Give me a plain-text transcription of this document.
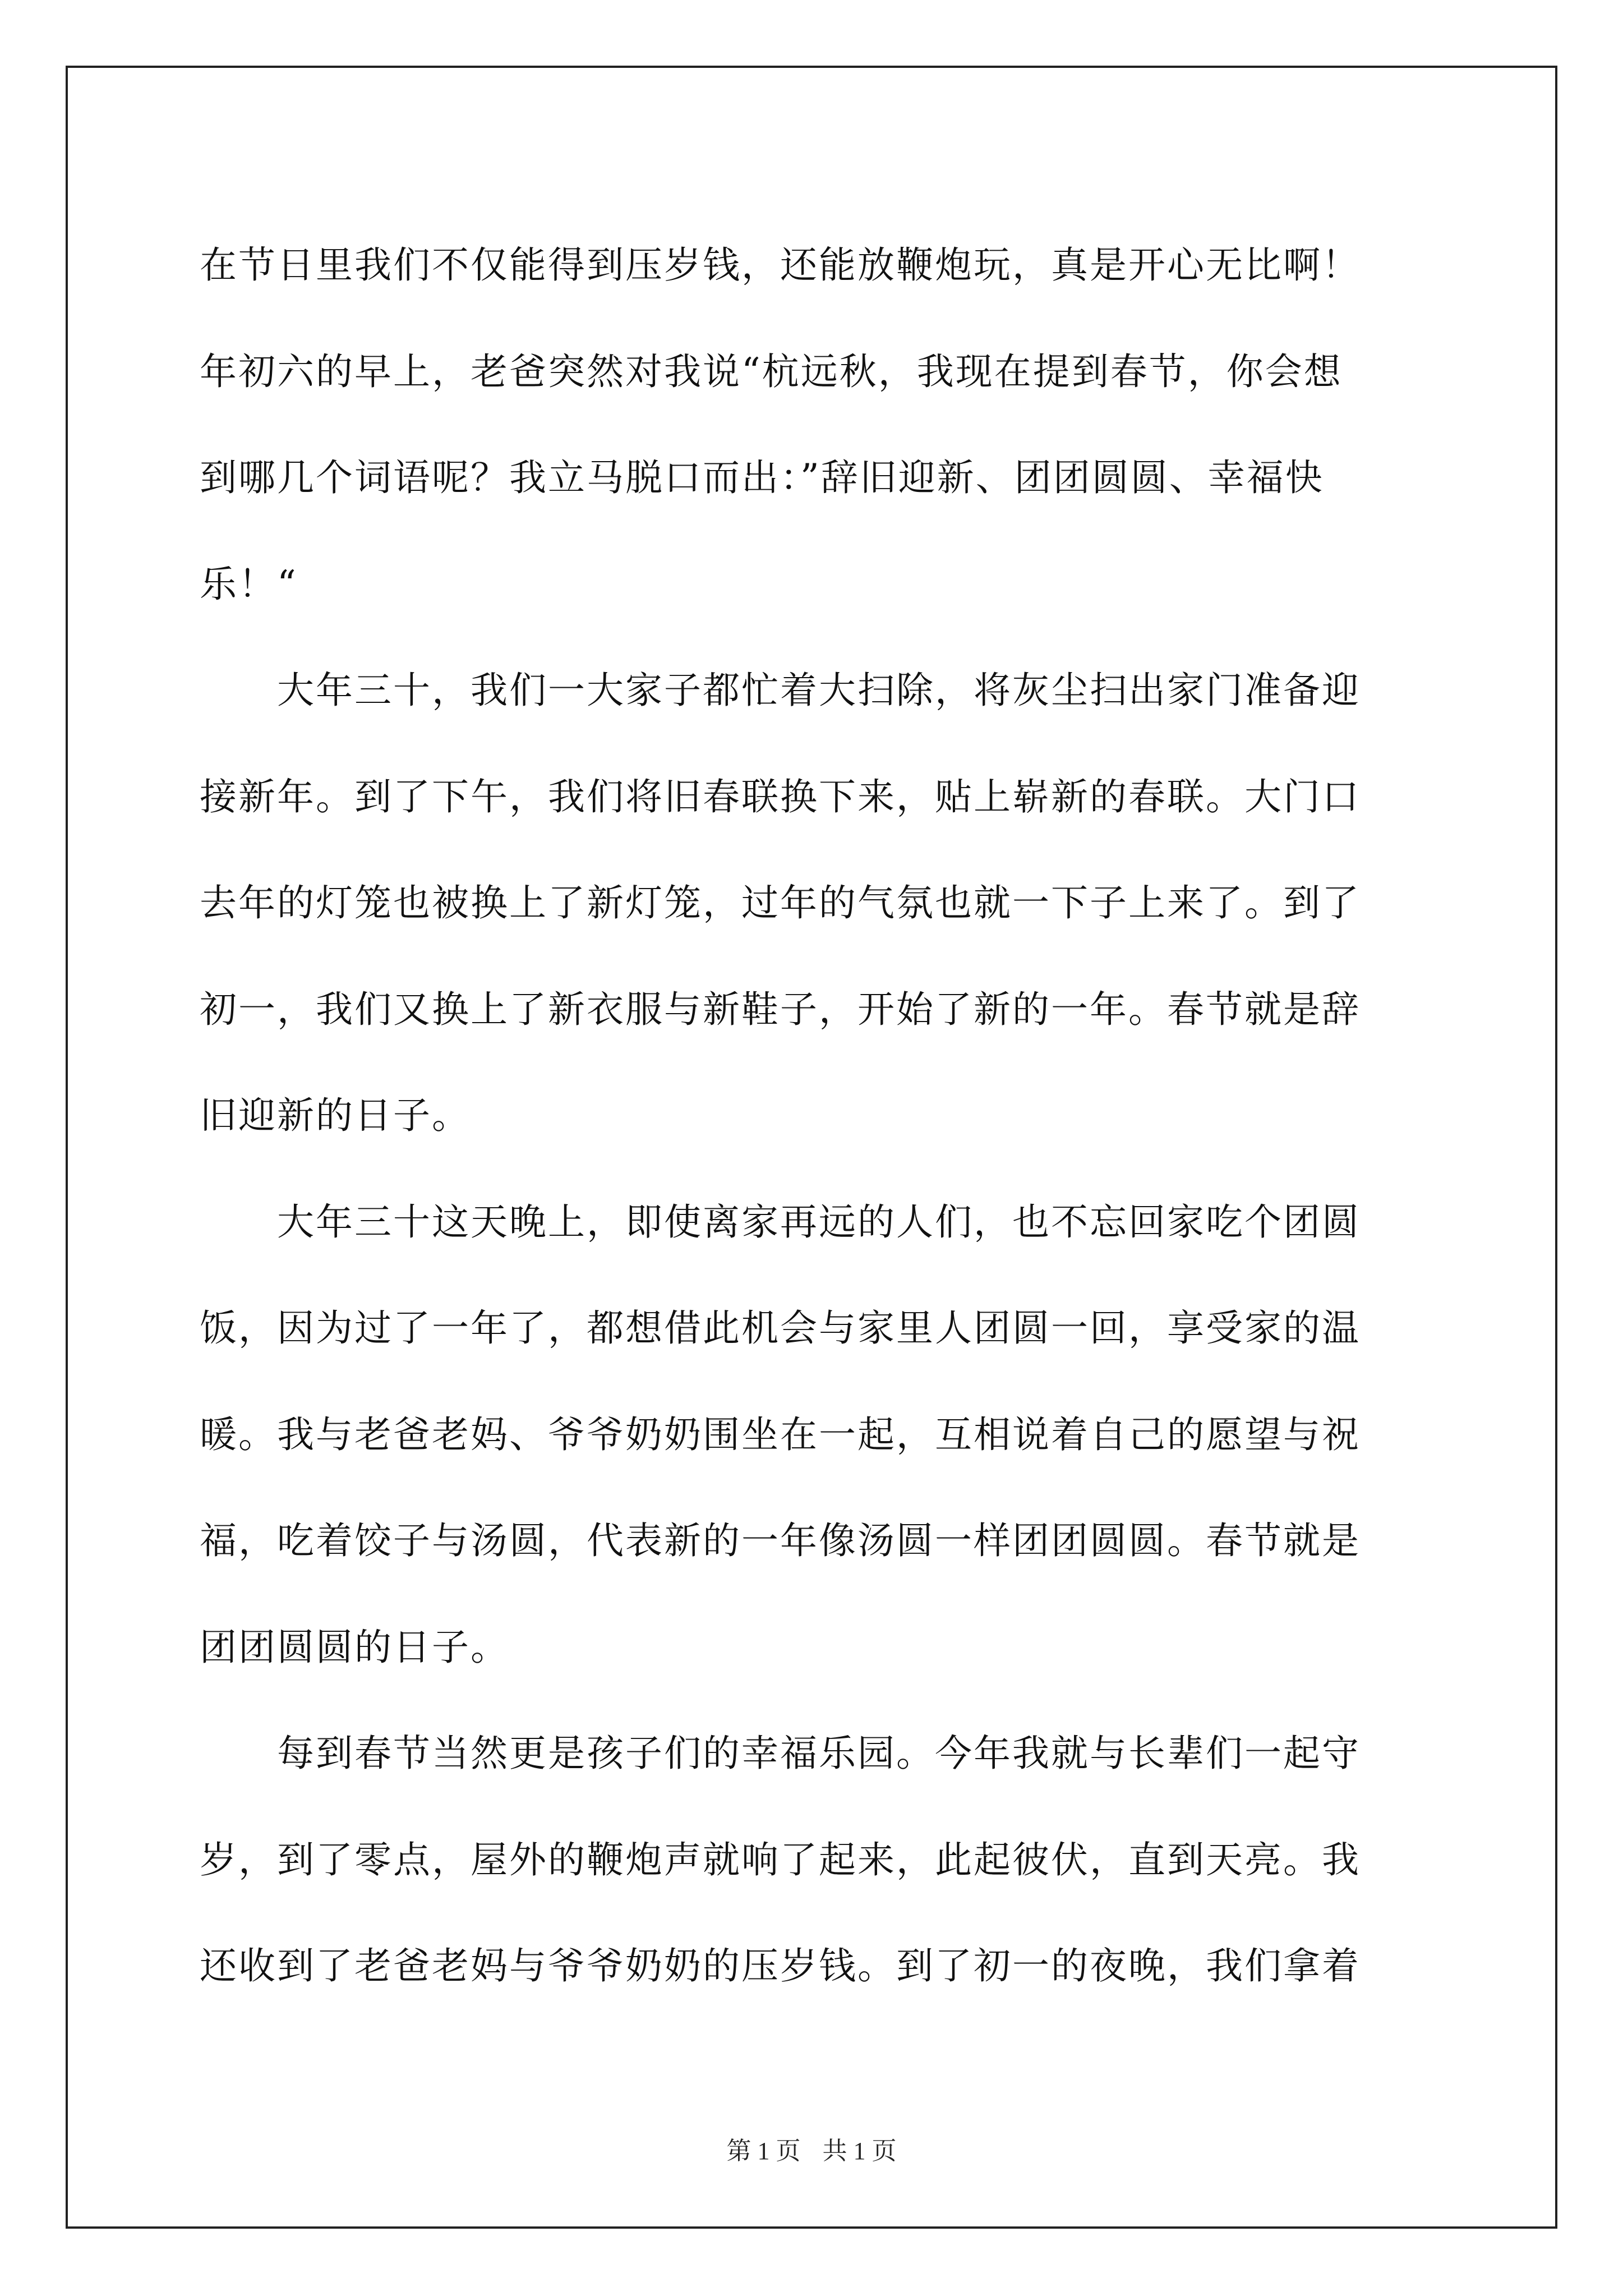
在节日里我们不仅能得到压岁钱，还能放鞭炮玩，真是开心无比啊！
年初六的早上，老爸突然对我说“杭远秋，我现在提到春节，你会想
到哪几个词语呢？我立马脱口而出：”辞旧迎新、团团圆圆、幸福快
乐！“
大年三十，我们一大家子都忙着大扫除，将灰尘扫出家门准备迎
接新年。到了下午，我们将旧春联换下来，贴上崭新的春联。大门口
去年的灯笼也被换上了新灯笼，过年的气氛也就一下子上来了。到了
初一，我们又换上了新衣服与新鞋子，开始了新的一年。春节就是辞
旧迎新的日子。
大年三十这天晚上，即使离家再远的人们，也不忘回家吃个团圆
饭，因为过了一年了，都想借此机会与家里人团圆一回，享受家的温
暖。我与老爸老妈、爷爷奶奶围坐在一起，互相说着自己的愿望与祝
福，吃着饺子与汤圆，代表新的一年像汤圆一样团团圆圆。春节就是
团团圆圆的日子。
每到春节当然更是孩子们的幸福乐园。今年我就与长辈们一起守
岁，到了零点，屋外的鞭炮声就响了起来，此起彼伏，直到天亮。我
还收到了老爸老妈与爷爷奶奶的压岁钱。到了初一的夜晚，我们拿着
第 1 页 共 1 页
